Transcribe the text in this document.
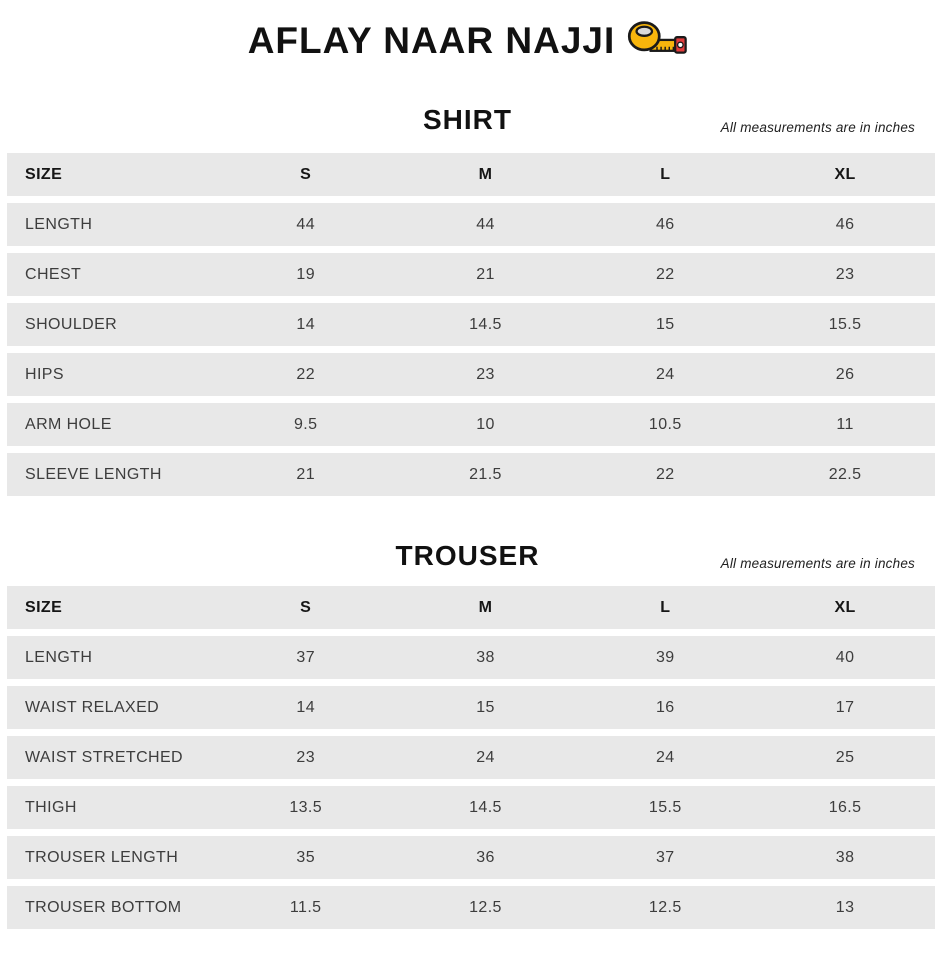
AFLAY NAAR NAJJI
SHIRT	All measurements are in inches
SIZE	S	M	L	XL
LENGTH	44	44	46	46
CHEST	19	21	22	23
SHOULDER	14	14.5	15	15.5
HIPS	22	23	24	26
ARM HOLE	9.5	10	10.5	11
SLEEVE LENGTH	21	21.5	22	22.5
TROUSER	All measurements are in inches
SIZE	S	M	L	XL
LENGTH	37	38	39	40
WAIST RELAXED	14	15	16	17
WAIST STRETCHED	23	24	24	25
THIGH	13.5	14.5	15.5	16.5
TROUSER LENGTH	35	36	37	38
TROUSER BOTTOM	11.5	12.5	12.5	13
